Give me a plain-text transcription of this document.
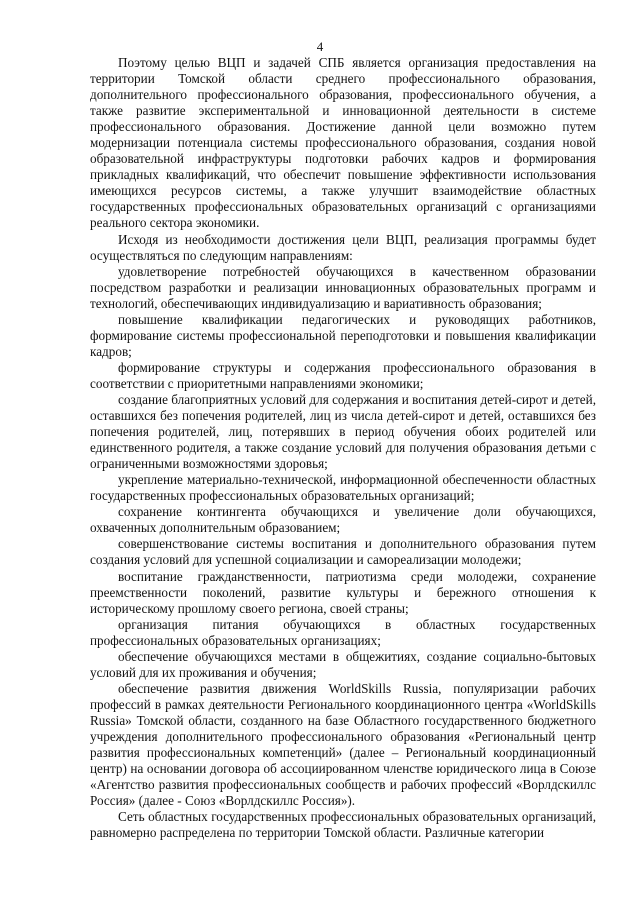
4

Поэтому целью ВЦП и задачей СПБ является организация предоставления на территории Томской области среднего профессионального образования, дополнительного профессионального образования, профессионального обучения, а также развитие экспериментальной и инновационной деятельности в системе профессионального образования. Достижение данной цели возможно путем модернизации потенциала системы профессионального образования, создания новой образовательной инфраструктуры подготовки рабочих кадров и формирования прикладных квалификаций, что обеспечит повышение эффективности использования имеющихся ресурсов системы, а также улучшит взаимодействие областных государственных профессиональных образовательных организаций с организациями реального сектора экономики.

Исходя из необходимости достижения цели ВЦП, реализация программы будет осуществляться по следующим направлениям:

удовлетворение потребностей обучающихся в качественном образовании посредством разработки и реализации инновационных образовательных программ и технологий, обеспечивающих индивидуализацию и вариативность образования;

повышение квалификации педагогических и руководящих работников, формирование системы профессиональной переподготовки и повышения квалификации кадров;

формирование структуры и содержания профессионального образования в соответствии с приоритетными направлениями экономики;

создание благоприятных условий для содержания и воспитания детей-сирот и детей, оставшихся без попечения родителей, лиц из числа детей-сирот и детей, оставшихся без попечения родителей, лиц, потерявших в период обучения обоих родителей или единственного родителя, а также создание условий для получения образования детьми с ограниченными возможностями здоровья;

укрепление материально-технической, информационной обеспеченности областных государственных профессиональных образовательных организаций;

сохранение контингента обучающихся и увеличение доли обучающихся, охваченных дополнительным образованием;

совершенствование системы воспитания и дополнительного образования путем создания условий для успешной социализации и самореализации молодежи;

воспитание гражданственности, патриотизма среди молодежи, сохранение преемственности поколений, развитие культуры и бережного отношения к историческому прошлому своего региона, своей страны;

организация питания обучающихся в областных государственных профессиональных образовательных организациях;

обеспечение обучающихся местами в общежитиях, создание социально-бытовых условий для их проживания и обучения;

обеспечение развития движения WorldSkills Russia, популяризации рабочих профессий в рамках деятельности Регионального координационного центра «WorldSkills Russia» Томской области, созданного на базе Областного государственного бюджетного учреждения дополнительного профессионального образования «Региональный центр развития профессиональных компетенций» (далее – Региональный координационный центр) на основании договора об ассоциированном членстве юридического лица в Союзе «Агентство развития профессиональных сообществ и рабочих профессий «Ворлдскиллс Россия» (далее - Союз «Ворлдскиллс Россия»).

Сеть областных государственных профессиональных образовательных организаций, равномерно распределена по территории Томской области. Различные категории
